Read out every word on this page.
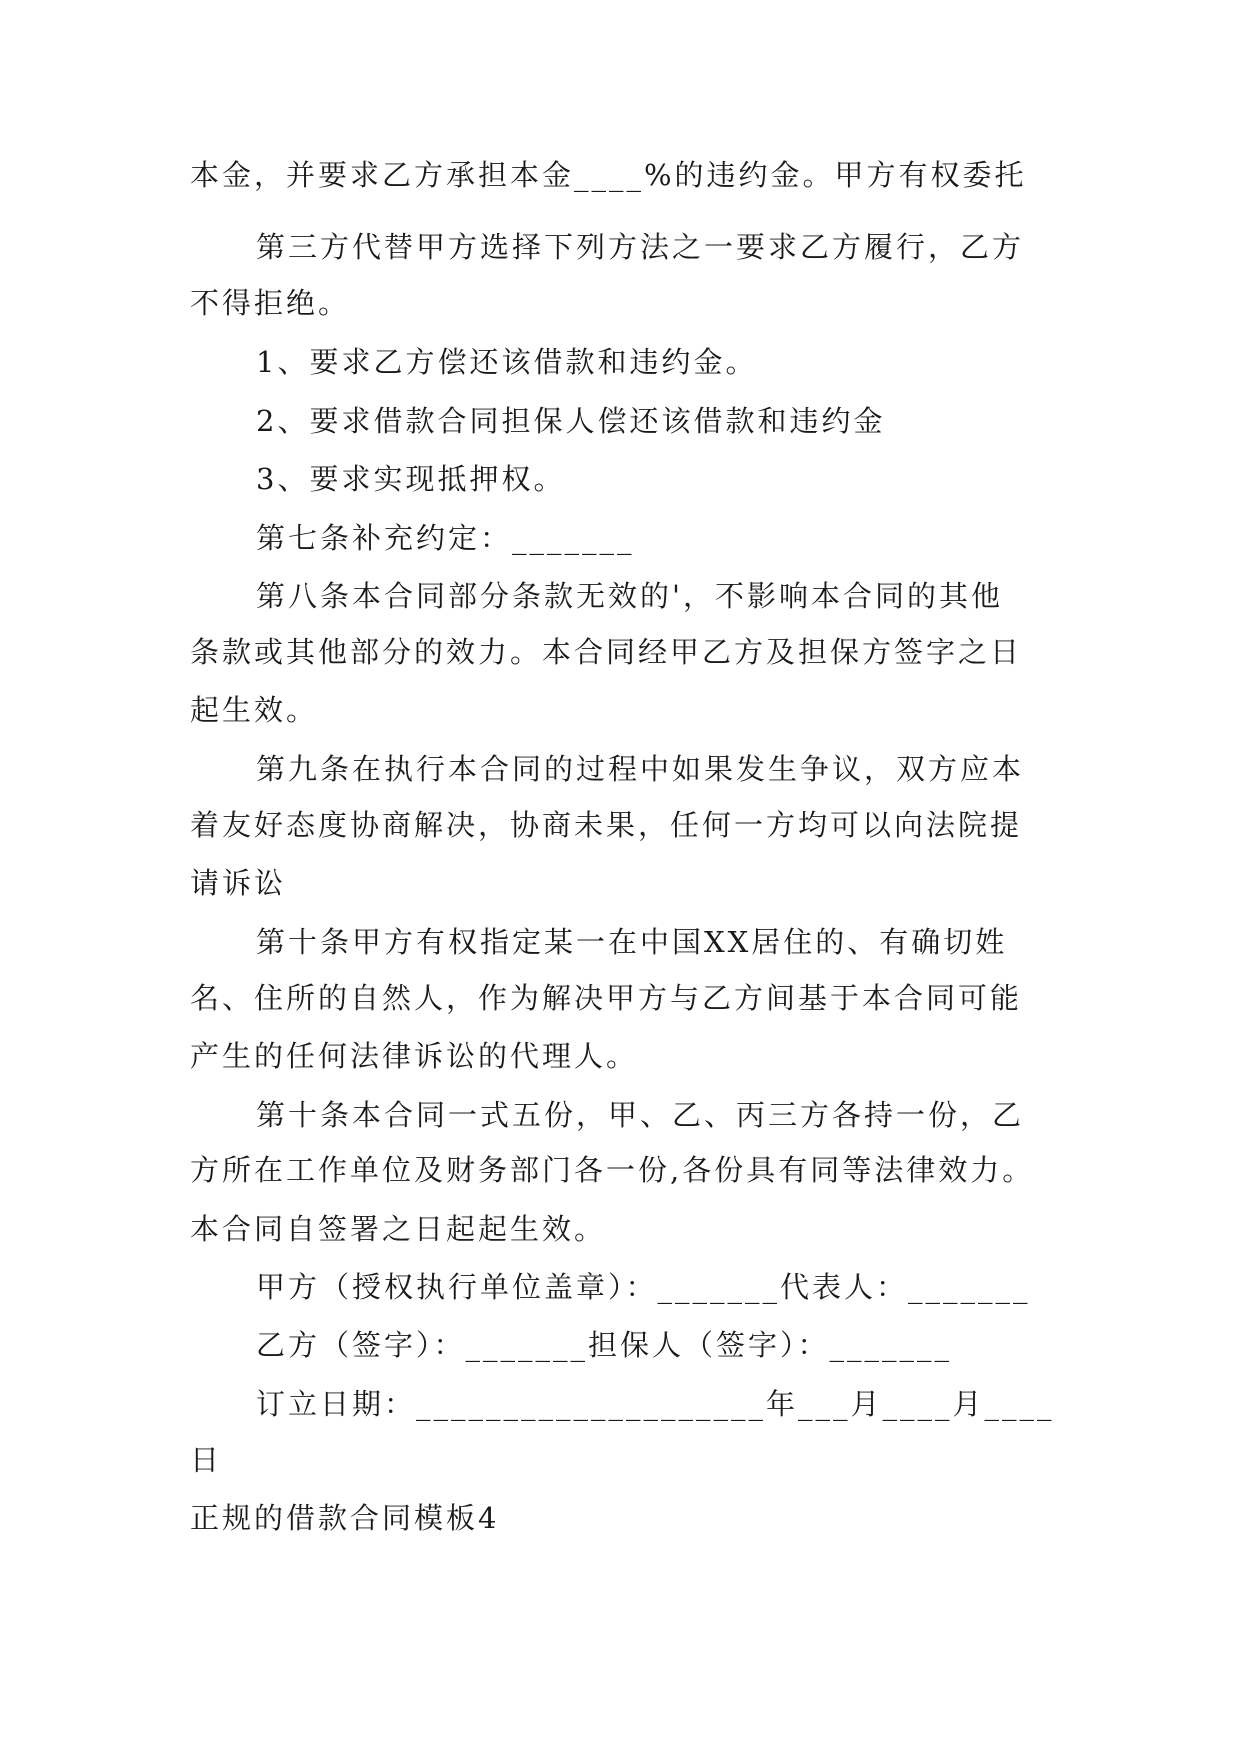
本金，并要求乙方承担本金____%的违约金。甲方有权委托
第三方代替甲方选择下列方法之一要求乙方履行，乙方
不得拒绝。
1、要求乙方偿还该借款和违约金。
2、要求借款合同担保人偿还该借款和违约金
3、要求实现抵押权。
第七条补充约定：_______
第八条本合同部分条款无效的'，不影响本合同的其他
条款或其他部分的效力。本合同经甲乙方及担保方签字之日
起生效。
第九条在执行本合同的过程中如果发生争议，双方应本
着友好态度协商解决，协商未果，任何一方均可以向法院提
请诉讼
第十条甲方有权指定某一在中国XX居住的、有确切姓
名、住所的自然人，作为解决甲方与乙方间基于本合同可能
产生的任何法律诉讼的代理人。
第十条本合同一式五份，甲、乙、丙三方各持一份，乙
方所在工作单位及财务部门各一份,各份具有同等法律效力。
本合同自签署之日起起生效。
甲方（授权执行单位盖章）：_______代表人：_______
乙方（签字）：_______担保人（签字）：_______
订立日期：____________________年___月____月____
日
正规的借款合同模板4
